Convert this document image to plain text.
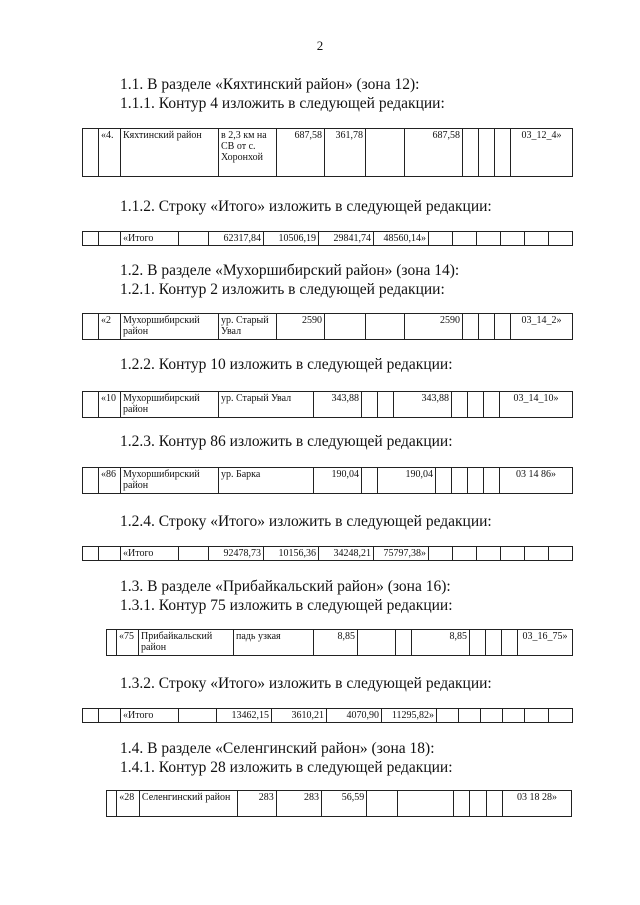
2
1.1. В разделе «Кяхтинский район» (зона 12):
1.1.1. Контур 4 изложить в следующей редакции:
	«4.	Кяхтинский район	в 2,3 км на СВ от с. Хоронхой	687,58	361,78		687,58				03_12_4»
1.1.2. Строку «Итого» изложить в следующей редакции:
		«Итого		62317,84	10506,19	29841,74	48560,14»						
1.2. В разделе «Мухоршибирский район» (зона 14):
1.2.1. Контур 2 изложить в следующей редакции:
	«2	Мухоршибирский район	ур. Старый Увал	2590			2590				03_14_2»
1.2.2. Контур 10 изложить в следующей редакции:
	«10	Мухоршибирский район	ур. Старый Увал	343,88			343,88				03_14_10»
1.2.3. Контур 86 изложить в следующей редакции:
	«86	Мухоршибирский район	ур. Барка	190,04		190,04					03 14 86»
1.2.4. Строку «Итого» изложить в следующей редакции:
		«Итого		92478,73	10156,36	34248,21	75797,38»						
1.3. В разделе «Прибайкальский район» (зона 16):
1.3.1. Контур 75 изложить в следующей редакции:
	«75	Прибайкальский район	падь узкая	8,85			8,85				03_16_75»
1.3.2. Строку «Итого» изложить в следующей редакции:
		«Итого		13462,15	3610,21	4070,90	11295,82»						
1.4. В разделе «Селенгинский район» (зона 18):
1.4.1. Контур 28 изложить в следующей редакции:
	«28	Селенгинский район	283	283	56,59						03 18 28»
